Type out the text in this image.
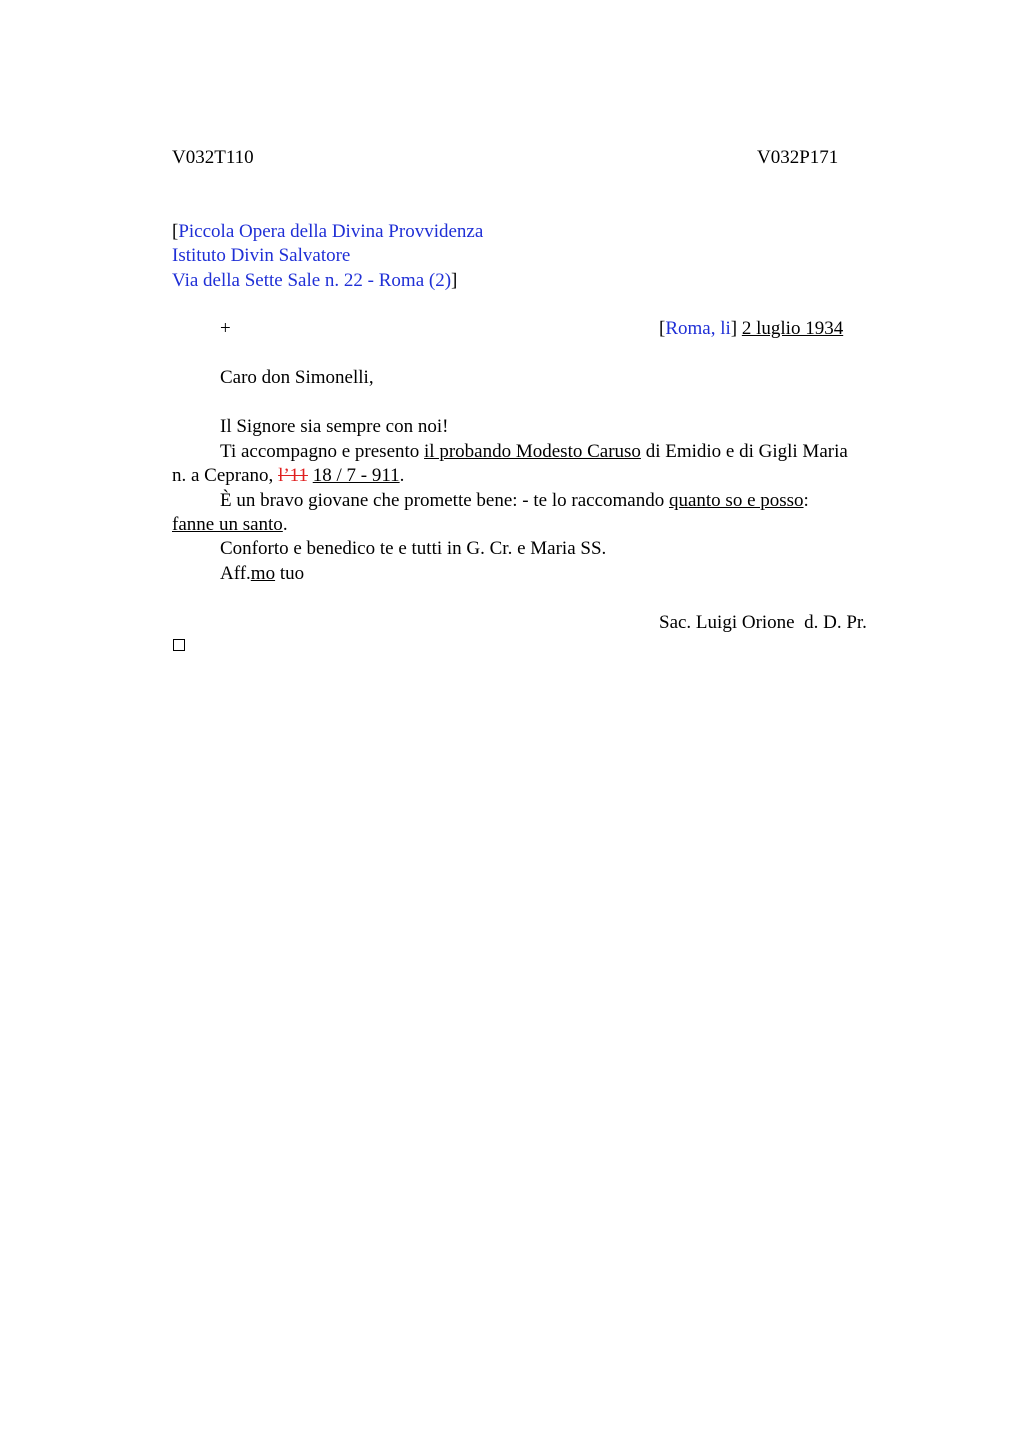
V032T110	V032P171
[Piccola Opera della Divina Provvidenza
Istituto Divin Salvatore
Via della Sette Sale n. 22 - Roma (2)]
+	[Roma, li] 2 luglio 1934
Caro don Simonelli,
Il Signore sia sempre con noi!
Ti accompagno e presento il probando Modesto Caruso di Emidio e di Gigli Maria
n. a Ceprano, l’11 18 / 7 - 911.
È un bravo giovane che promette bene: - te lo raccomando quanto so e posso:
fanne un santo.
Conforto e benedico te e tutti in G. Cr. e Maria SS.
Aff.mo tuo
Sac. Luigi Orione  d. D. Pr.
